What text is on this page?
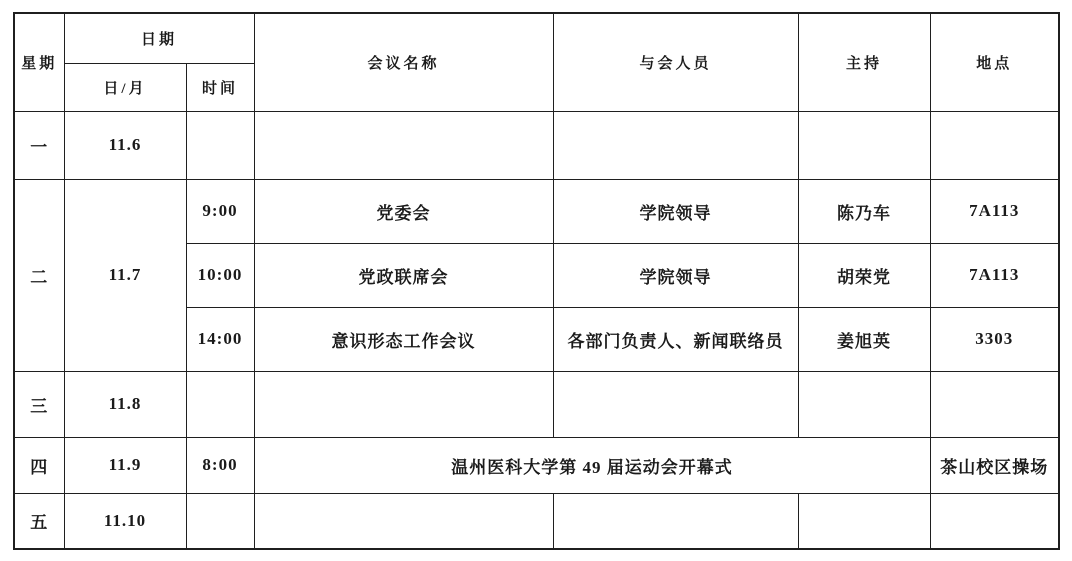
星期	日期		会议名称	与会人员	主持	地点
	日/月	时间				
一	11.6					
二	11.7	9:00	党委会	学院领导	陈乃车	7A113
		10:00	党政联席会	学院领导	胡荣党	7A113
		14:00	意识形态工作会议	各部门负责人、新闻联络员	姜旭英	3303
三	11.8					
四	11.9	8:00	温州医科大学第 49 届运动会开幕式			茶山校区操场
五	11.10					
